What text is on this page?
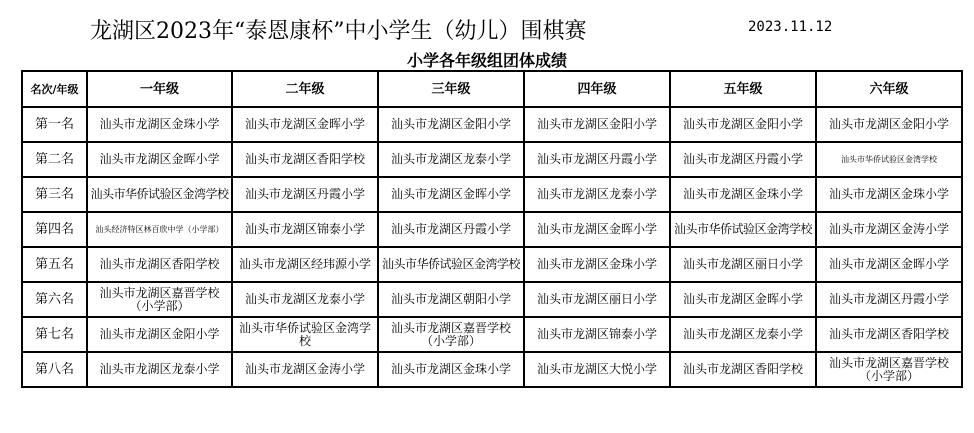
龙湖区2023年“泰恩康杯”中小学生（幼儿）围棋赛	2023.11.12
小学各年级组团体成绩
名次/年级	一年级	二年级	三年级	四年级	五年级	六年级
第一名	汕头市龙湖区金珠小学	汕头市龙湖区金晖小学	汕头市龙湖区金阳小学	汕头市龙湖区金阳小学	汕头市龙湖区金阳小学	汕头市龙湖区金阳小学
第二名	汕头市龙湖区金晖小学	汕头市龙湖区香阳学校	汕头市龙湖区龙泰小学	汕头市龙湖区丹霞小学	汕头市龙湖区丹霞小学	汕头市华侨试验区金湾学校
第三名	汕头市华侨试验区金湾学校	汕头市龙湖区丹霞小学	汕头市龙湖区金晖小学	汕头市龙湖区龙泰小学	汕头市龙湖区金珠小学	汕头市龙湖区金珠小学
第四名	汕头经济特区林百欣中学（小学部）	汕头市龙湖区锦泰小学	汕头市龙湖区丹霞小学	汕头市龙湖区金晖小学	汕头市华侨试验区金湾学校	汕头市龙湖区金涛小学
第五名	汕头市龙湖区香阳学校	汕头市龙湖区经玮源小学	汕头市华侨试验区金湾学校	汕头市龙湖区金珠小学	汕头市龙湖区丽日小学	汕头市龙湖区金晖小学
第六名	汕头市龙湖区嘉晋学校（小学部）	汕头市龙湖区龙泰小学	汕头市龙湖区朝阳小学	汕头市龙湖区丽日小学	汕头市龙湖区金晖小学	汕头市龙湖区丹霞小学
第七名	汕头市龙湖区金阳小学	汕头市华侨试验区金湾学校	汕头市龙湖区嘉晋学校（小学部）	汕头市龙湖区锦泰小学	汕头市龙湖区龙泰小学	汕头市龙湖区香阳学校
第八名	汕头市龙湖区龙泰小学	汕头市龙湖区金涛小学	汕头市龙湖区金珠小学	汕头市龙湖区大悦小学	汕头市龙湖区香阳学校	汕头市龙湖区嘉晋学校（小学部）
